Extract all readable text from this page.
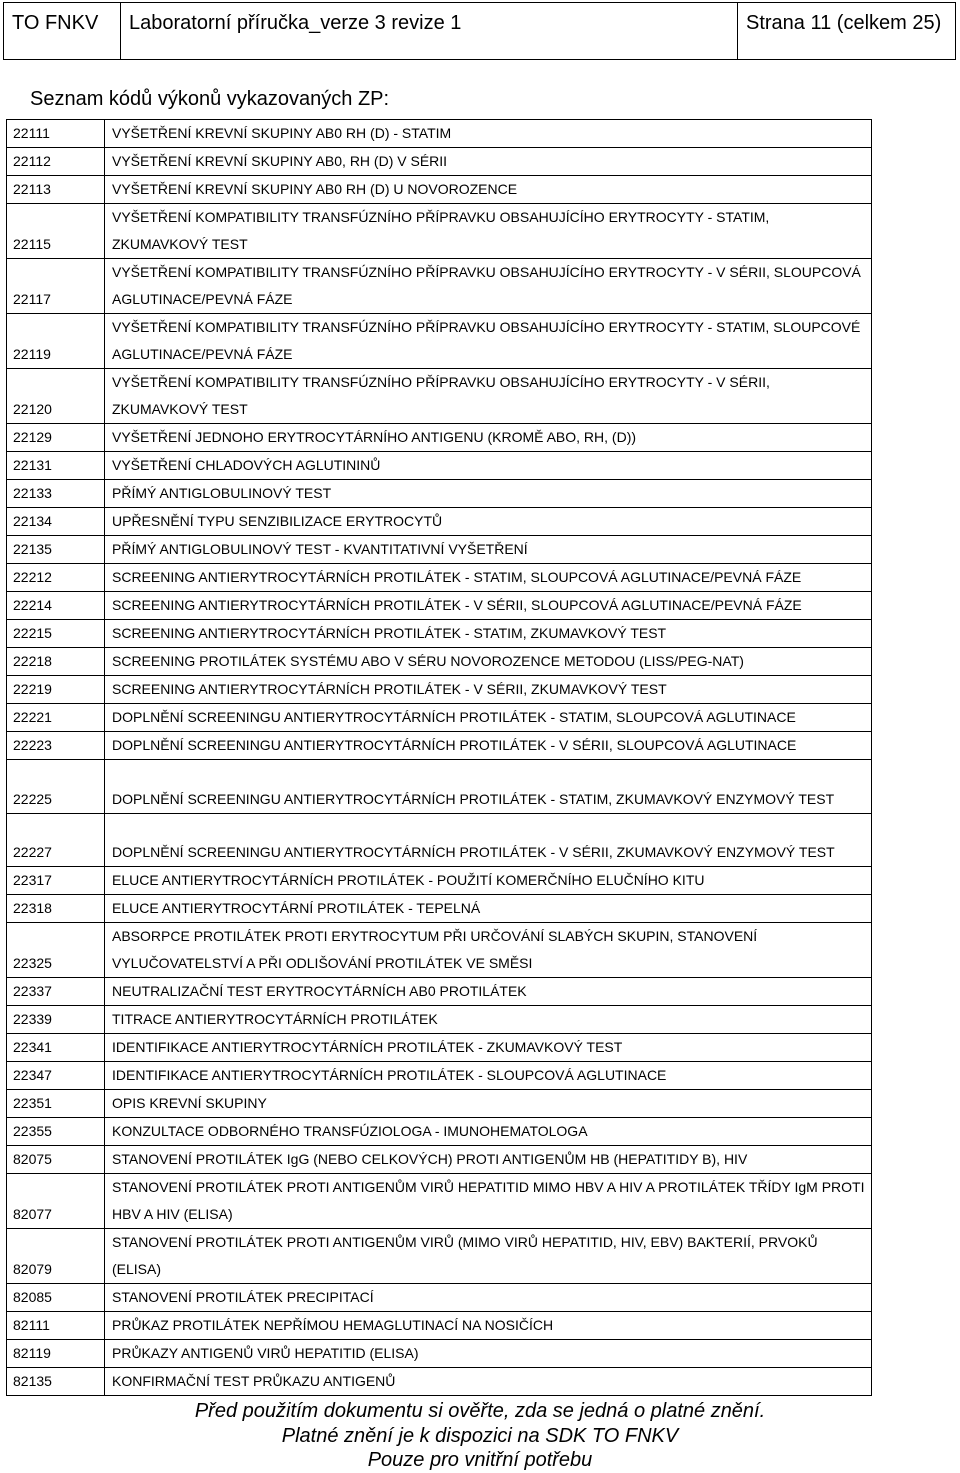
TO FNKV	Laboratorní příručka_verze 3 revize 1	Strana 11 (celkem 25)
Seznam kódů výkonů vykazovaných ZP:
22111	VYŠETŘENÍ KREVNÍ SKUPINY AB0 RH (D) - STATIM
22112	VYŠETŘENÍ KREVNÍ SKUPINY AB0, RH (D) V SÉRII
22113	VYŠETŘENÍ KREVNÍ SKUPINY AB0 RH (D) U NOVOROZENCE
22115	VYŠETŘENÍ KOMPATIBILITY TRANSFÚZNÍHO PŘÍPRAVKU OBSAHUJÍCÍHO ERYTROCYTY - STATIM, ZKUMAVKOVÝ TEST
22117	VYŠETŘENÍ KOMPATIBILITY TRANSFÚZNÍHO PŘÍPRAVKU OBSAHUJÍCÍHO ERYTROCYTY - V SÉRII, SLOUPCOVÁ AGLUTINACE/PEVNÁ FÁZE
22119	VYŠETŘENÍ KOMPATIBILITY TRANSFÚZNÍHO PŘÍPRAVKU OBSAHUJÍCÍHO ERYTROCYTY - STATIM, SLOUPCOVÉ AGLUTINACE/PEVNÁ FÁZE
22120	VYŠETŘENÍ KOMPATIBILITY TRANSFÚZNÍHO PŘÍPRAVKU OBSAHUJÍCÍHO ERYTROCYTY - V SÉRII, ZKUMAVKOVÝ TEST
22129	VYŠETŘENÍ JEDNOHO ERYTROCYTÁRNÍHO ANTIGENU (KROMĚ ABO, RH, (D))
22131	VYŠETŘENÍ CHLADOVÝCH AGLUTININŮ
22133	PŘÍMÝ ANTIGLOBULINOVÝ TEST
22134	UPŘESNĚNÍ TYPU SENZIBILIZACE ERYTROCYTŮ
22135	PŘÍMÝ ANTIGLOBULINOVÝ TEST - KVANTITATIVNÍ VYŠETŘENÍ
22212	SCREENING ANTIERYTROCYTÁRNÍCH PROTILÁTEK - STATIM, SLOUPCOVÁ AGLUTINACE/PEVNÁ FÁZE
22214	SCREENING ANTIERYTROCYTÁRNÍCH PROTILÁTEK - V SÉRII, SLOUPCOVÁ AGLUTINACE/PEVNÁ FÁZE
22215	SCREENING ANTIERYTROCYTÁRNÍCH PROTILÁTEK - STATIM, ZKUMAVKOVÝ TEST
22218	SCREENING PROTILÁTEK SYSTÉMU ABO V SÉRU NOVOROZENCE METODOU (LISS/PEG-NAT)
22219	SCREENING ANTIERYTROCYTÁRNÍCH PROTILÁTEK - V SÉRII, ZKUMAVKOVÝ TEST
22221	DOPLNĚNÍ SCREENINGU ANTIERYTROCYTÁRNÍCH PROTILÁTEK - STATIM, SLOUPCOVÁ AGLUTINACE
22223	DOPLNĚNÍ SCREENINGU ANTIERYTROCYTÁRNÍCH PROTILÁTEK - V SÉRII, SLOUPCOVÁ AGLUTINACE
22225	DOPLNĚNÍ SCREENINGU ANTIERYTROCYTÁRNÍCH PROTILÁTEK - STATIM, ZKUMAVKOVÝ ENZYMOVÝ TEST
22227	DOPLNĚNÍ SCREENINGU ANTIERYTROCYTÁRNÍCH PROTILÁTEK - V SÉRII, ZKUMAVKOVÝ ENZYMOVÝ TEST
22317	ELUCE ANTIERYTROCYTÁRNÍCH PROTILÁTEK - POUŽITÍ KOMERČNÍHO ELUČNÍHO KITU
22318	ELUCE ANTIERYTROCYTÁRNÍ PROTILÁTEK - TEPELNÁ
22325	ABSORPCE PROTILÁTEK PROTI ERYTROCYTUM PŘI URČOVÁNÍ SLABÝCH SKUPIN, STANOVENÍ VYLUČOVATELSTVÍ A PŘI ODLIŠOVÁNÍ PROTILÁTEK VE SMĚSI
22337	NEUTRALIZAČNÍ TEST ERYTROCYTÁRNÍCH AB0 PROTILÁTEK
22339	TITRACE ANTIERYTROCYTÁRNÍCH PROTILÁTEK
22341	IDENTIFIKACE ANTIERYTROCYTÁRNÍCH PROTILÁTEK - ZKUMAVKOVÝ TEST
22347	IDENTIFIKACE ANTIERYTROCYTÁRNÍCH PROTILÁTEK - SLOUPCOVÁ AGLUTINACE
22351	OPIS KREVNÍ SKUPINY
22355	KONZULTACE ODBORNÉHO TRANSFÚZIOLOGA - IMUNOHEMATOLOGA
82075	STANOVENÍ PROTILÁTEK IgG (NEBO CELKOVÝCH) PROTI ANTIGENŮM HB (HEPATITIDY B), HIV
82077	STANOVENÍ PROTILÁTEK PROTI ANTIGENŮM VIRŮ HEPATITID MIMO HBV A HIV A PROTILÁTEK TŘÍDY IgM PROTI HBV A HIV (ELISA)
82079	STANOVENÍ PROTILÁTEK PROTI ANTIGENŮM VIRŮ (MIMO VIRŮ HEPATITID, HIV, EBV) BAKTERIÍ, PRVOKŮ (ELISA)
82085	STANOVENÍ PROTILÁTEK PRECIPITACÍ
82111	PRŮKAZ PROTILÁTEK NEPŘÍMOU HEMAGLUTINACÍ NA NOSIČÍCH
82119	PRŮKAZY ANTIGENŮ VIRŮ HEPATITID (ELISA)
82135	KONFIRMAČNÍ TEST PRŮKAZU ANTIGENŮ
Před použitím dokumentu si ověřte, zda se jedná o platné znění.
Platné znění je k dispozici na SDK TO FNKV
Pouze pro vnitřní potřebu
